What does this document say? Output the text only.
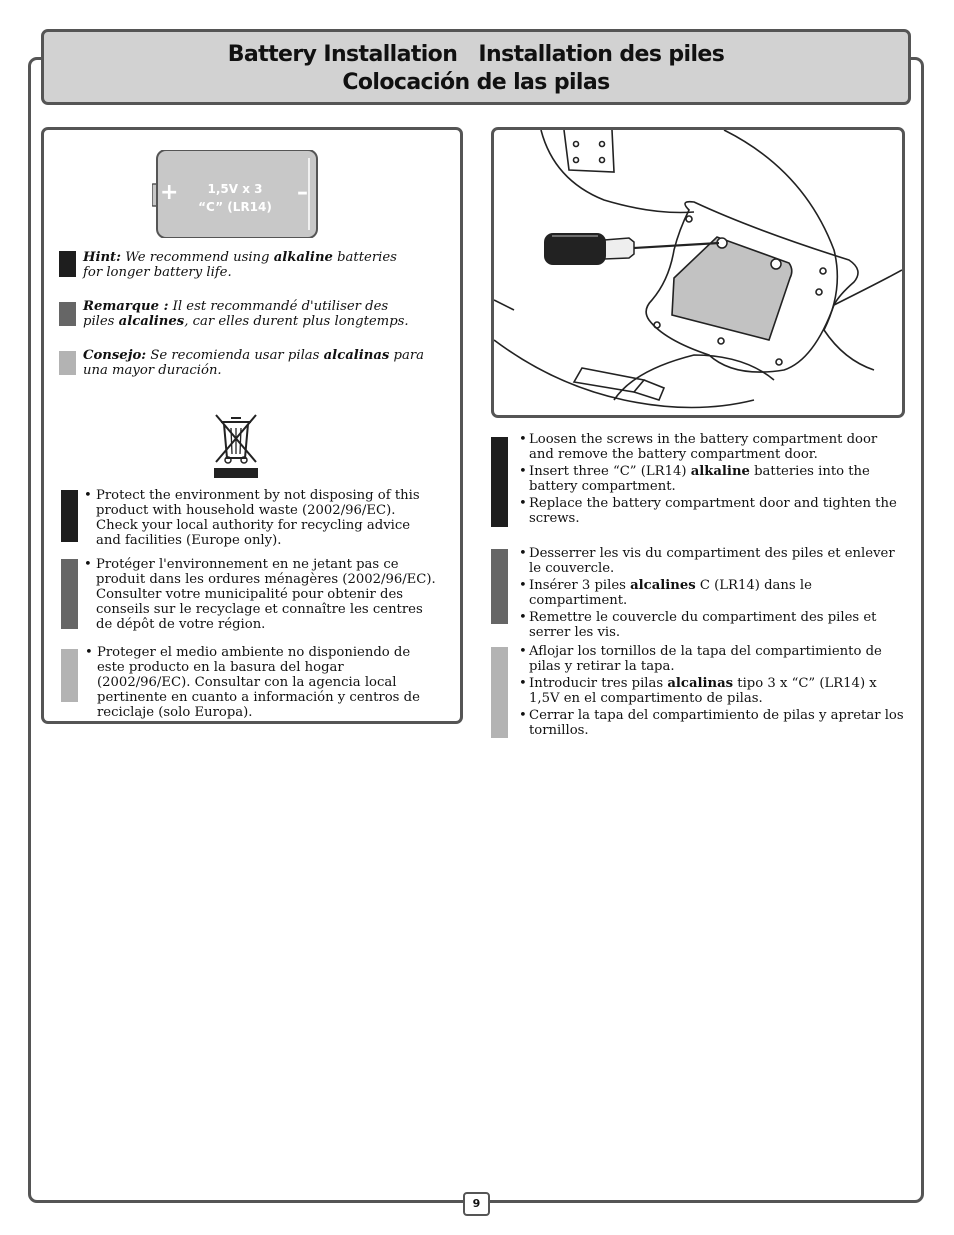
Battery Installation   Installation des piles
Colocación de las pilas
+	–
1,5V x 3
“C” (LR14)
Hint: We recommend using alkaline batteries for longer battery life.
Remarque : Il est recommandé d'utiliser des piles alcalines, car elles durent plus longtemps.
Consejo: Se recomienda usar pilas alcalinas para una mayor duración.
• Protect the environment by not disposing of this product with household waste (2002/96/EC). Check your local authority for recycling advice and facilities (Europe only).
• Protéger l'environnement en ne jetant pas ce produit dans les ordures ménagères (2002/96/EC). Consulter votre municipalité pour obtenir des conseils sur le recyclage et connaître les centres de dépôt de votre région.
• Proteger el medio ambiente no disponiendo de este producto en la basura del hogar (2002/96/EC). Consultar con la agencia local pertinente en cuanto a información y centros de reciclaje (solo Europa).
• Loosen the screws in the battery compartment door and remove the battery compartment door.
• Insert three “C” (LR14) alkaline batteries into the battery compartment.
• Replace the battery compartment door and tighten the screws.
• Desserrer les vis du compartiment des piles et enlever le couvercle.
• Insérer 3 piles alcalines C (LR14) dans le compartiment.
• Remettre le couvercle du compartiment des piles et serrer les vis.
• Aflojar los tornillos de la tapa del compartimiento de pilas y retirar la tapa.
• Introducir tres pilas alcalinas tipo 3 x “C” (LR14) x 1,5V en el compartimento de pilas.
• Cerrar la tapa del compartimiento de pilas y apretar los tornillos.
9
